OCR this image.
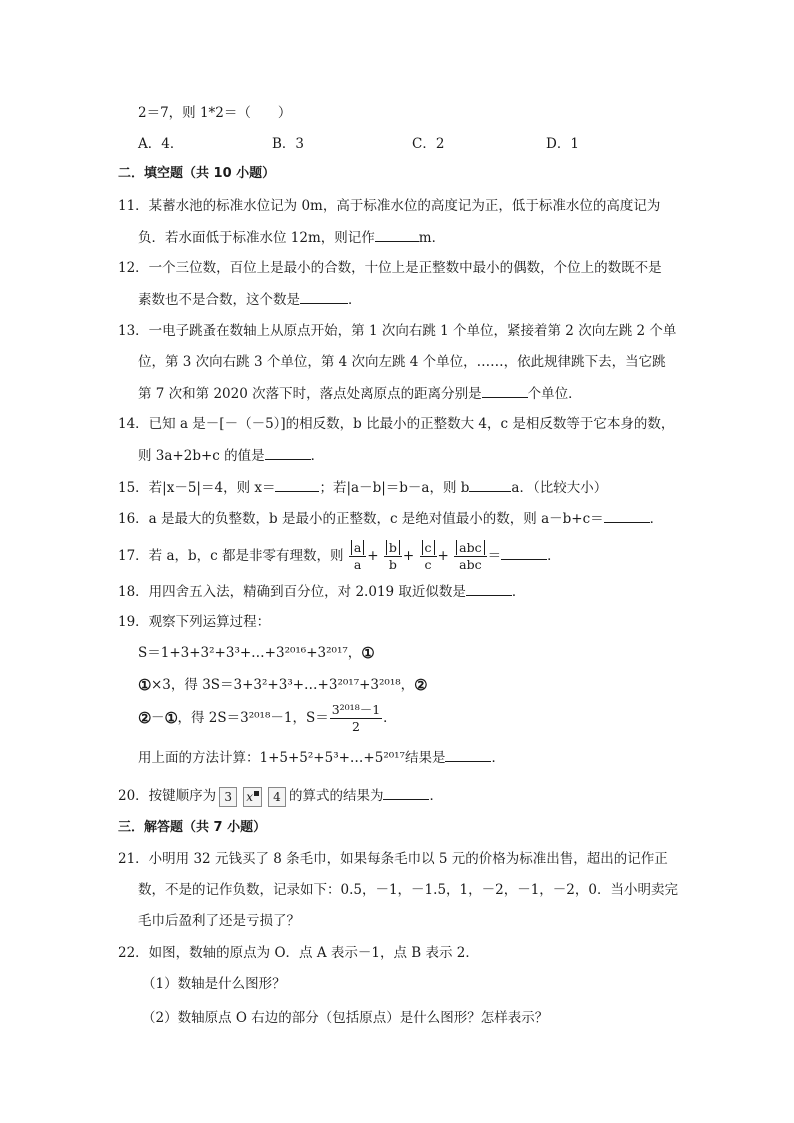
2＝7，则 1*2＝（　　）
A．4．	B．3	C．2	D．1
二．填空题（共 10 小题）
11．某蓄水池的标准水位记为 0m，高于标准水位的高度记为正，低于标准水位的高度记为
负．若水面低于标准水位 12m，则记作	m．
12．一个三位数，百位上是最小的合数，十位上是正整数中最小的偶数，个位上的数既不是
素数也不是合数，这个数是	．
13．一电子跳蚤在数轴上从原点开始，第 1 次向右跳 1 个单位，紧接着第 2 次向左跳 2 个单
位，第 3 次向右跳 3 个单位，第 4 次向左跳 4 个单位，……，依此规律跳下去，当它跳
第 7 次和第 2020 次落下时，落点处离原点的距离分别是	个单位．
14．已知 a 是－[－（－5）]的相反数，b 比最小的正整数大 4，c 是相反数等于它本身的数，
则 3a+2b+c 的值是	．
15．若|x－5|＝4，则 x＝	；若|a－b|＝b－a，则 b	a．（比较大小）
16．a 是最大的负整数，b 是最小的正整数，c 是绝对值最小的数，则 a－b+c＝	．
17．若 a，b，c 都是非零有理数，则 $\frac{a}{a} + \frac{b}{b} + \frac{c}{c} + \frac{\text{abc}}{\text{abc}}$ ＝	．
18．用四舍五入法，精确到百分位，对 2.019 取近似数是	．
19．观察下列运算过程：
S＝1+3+3²+3³+…+3²⁰¹⁶+3²⁰¹⁷，①
①×3，得 3S＝3+3²+3³+…+3²⁰¹⁷+3²⁰¹⁸，②
②－①，得 2S＝3²⁰¹⁸－1，$S= \frac{\text{3²⁰¹⁸－1}}{2}$ ．
用上面的方法计算：1+5+5²+5³+…+5²⁰¹⁷结果是	．
20．按键顺序为 3 x 4 的算式的结果为	．
三．解答题（共 7 小题）
21．小明用 32 元钱买了 8 条毛巾，如果每条毛巾以 5 元的价格为标准出售，超出的记作正
数，不是的记作负数，记录如下：0.5，－1，－1.5，1，－2，－1，－2，0．当小明卖完
毛巾后盈利了还是亏损了？
22．如图，数轴的原点为 O．点 A 表示－1，点 B 表示 2．
（1）数轴是什么图形？
（2）数轴原点 O 右边的部分（包括原点）是什么图形？怎样表示？
